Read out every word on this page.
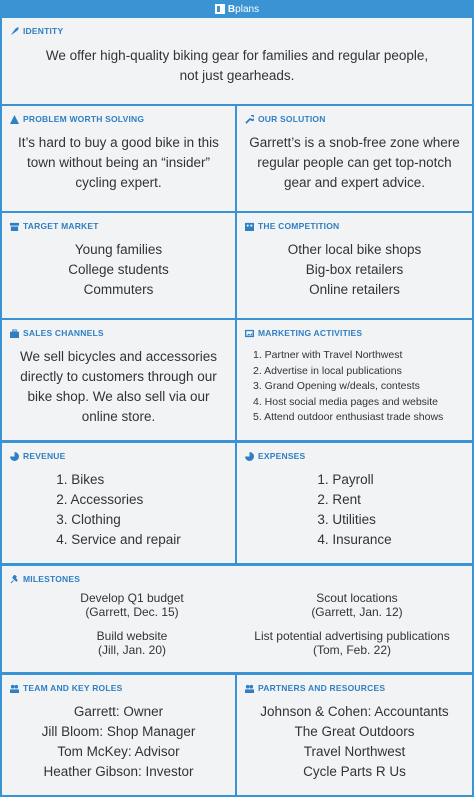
Bplans
IDENTITY
We offer high-quality biking gear for families and regular people, not just gearheads.
PROBLEM WORTH SOLVING
It’s hard to buy a good bike in this town without being an “insider” cycling expert.
OUR SOLUTION
Garrett’s is a snob-free zone where regular people can get top-notch gear and expert advice.
TARGET MARKET
Young families
College students
Commuters
THE COMPETITION
Other local bike shops
Big-box retailers
Online retailers
SALES CHANNELS
We sell bicycles and accessories directly to customers through our bike shop. We also sell via our online store.
MARKETING ACTIVITIES
1. Partner with Travel Northwest
2. Advertise in local publications
3. Grand Opening w/deals, contests
4. Host social media pages and website
5. Attend outdoor enthusiast trade shows
REVENUE
1. Bikes
2. Accessories
3. Clothing
4. Service and repair
EXPENSES
1. Payroll
2. Rent
3. Utilities
4. Insurance
MILESTONES
Develop Q1 budget
(Garrett, Dec. 15)
Scout locations
(Garrett, Jan. 12)
Build website
(Jill, Jan. 20)
List potential advertising publications
(Tom, Feb. 22)
TEAM AND KEY ROLES
Garrett: Owner
Jill Bloom: Shop Manager
Tom McKey: Advisor
Heather Gibson: Investor
PARTNERS AND RESOURCES
Johnson & Cohen: Accountants
The Great Outdoors
Travel Northwest
Cycle Parts R Us
